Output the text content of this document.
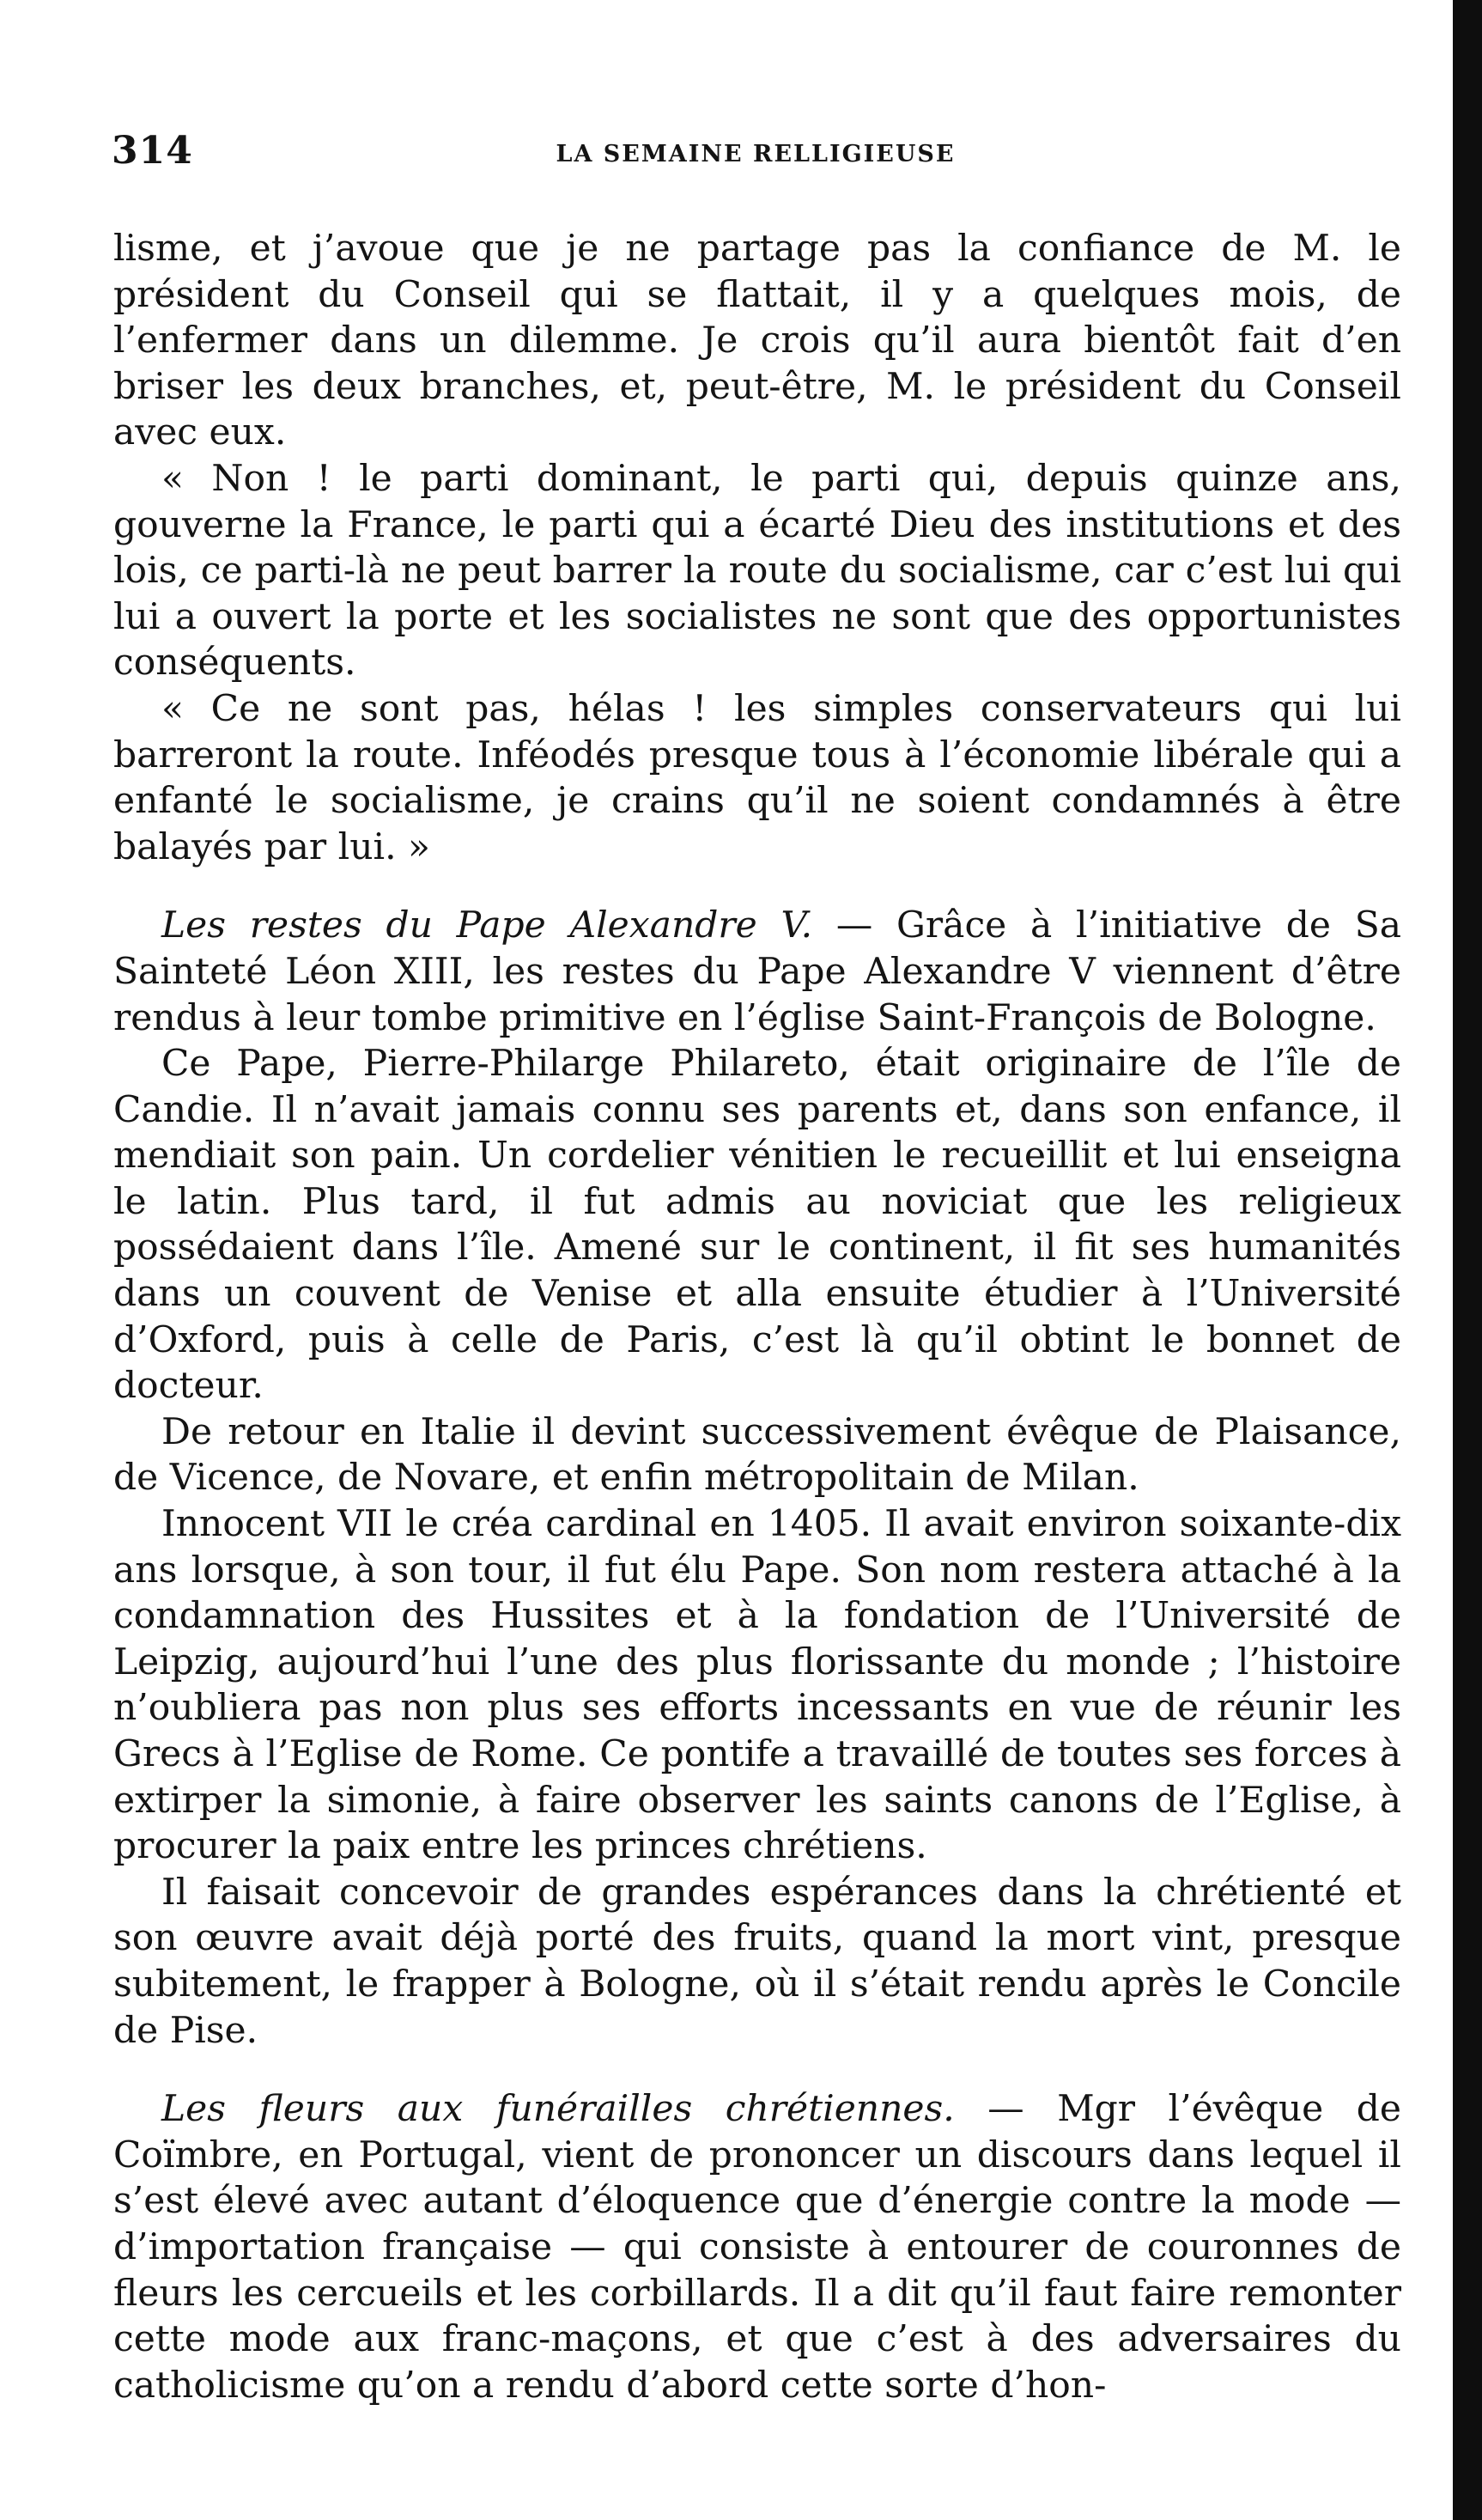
314	LA SEMAINE RELLIGIEUSE

lisme, et j’avoue que je ne partage pas la confiance de M. le président du Conseil qui se flattait, il y a quelques mois, de l’enfermer dans un dilemme. Je crois qu’il aura bientôt fait d’en briser les deux branches, et, peut-être, M. le président du Conseil avec eux.

« Non ! le parti dominant, le parti qui, depuis quinze ans, gouverne la France, le parti qui a écarté Dieu des institutions et des lois, ce parti-là ne peut barrer la route du socialisme, car c’est lui qui lui a ouvert la porte et les socialistes ne sont que des opportunistes conséquents.

« Ce ne sont pas, hélas ! les simples conservateurs qui lui barreront la route. Inféodés presque tous à l’économie libérale qui a enfanté le socialisme, je crains qu’il ne soient condamnés à être balayés par lui. »

Les restes du Pape Alexandre V. — Grâce à l’initiative de Sa Sainteté Léon XIII, les restes du Pape Alexandre V viennent d’être rendus à leur tombe primitive en l’église Saint-François de Bologne.

Ce Pape, Pierre-Philarge Philareto, était originaire de l’île de Candie. Il n’avait jamais connu ses parents et, dans son enfance, il mendiait son pain. Un cordelier vénitien le recueillit et lui enseigna le latin. Plus tard, il fut admis au noviciat que les religieux possédaient dans l’île. Amené sur le continent, il fit ses humanités dans un couvent de Venise et alla ensuite étudier à l’Université d’Oxford, puis à celle de Paris, c’est là qu’il obtint le bonnet de docteur.

De retour en Italie il devint successivement évêque de Plaisance, de Vicence, de Novare, et enfin métropolitain de Milan.

Innocent VII le créa cardinal en 1405. Il avait environ soixante-dix ans lorsque, à son tour, il fut élu Pape. Son nom restera attaché à la condamnation des Hussites et à la fondation de l’Université de Leipzig, aujourd’hui l’une des plus florissante du monde ; l’histoire n’oubliera pas non plus ses efforts incessants en vue de réunir les Grecs à l’Eglise de Rome. Ce pontife a travaillé de toutes ses forces à extirper la simonie, à faire observer les saints canons de l’Eglise, à procurer la paix entre les princes chrétiens.

Il faisait concevoir de grandes espérances dans la chrétienté et son œuvre avait déjà porté des fruits, quand la mort vint, presque subitement, le frapper à Bologne, où il s’était rendu après le Concile de Pise.

Les fleurs aux funérailles chrétiennes. — Mgr l’évêque de Coïmbre, en Portugal, vient de prononcer un discours dans lequel il s’est élevé avec autant d’éloquence que d’énergie contre la mode — d’importation française — qui consiste à entourer de couronnes de fleurs les cercueils et les corbillards. Il a dit qu’il faut faire remonter cette mode aux franc-maçons, et que c’est à des adversaires du catholicisme qu’on a rendu d’abord cette sorte d’hon-
